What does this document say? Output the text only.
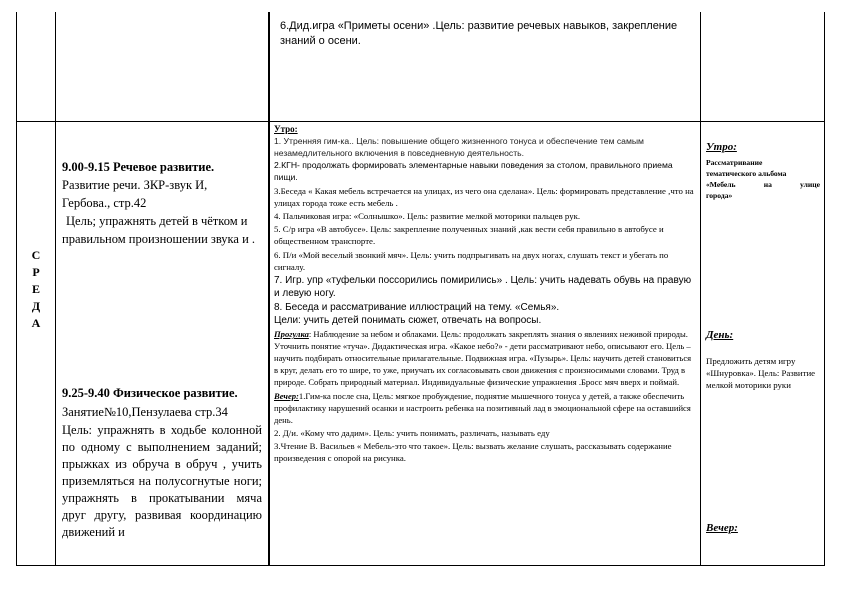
6.Дид.игра «Приметы осени» .Цель: развитие речевых навыков, закрепление знаний о осени.
С
Р
Е
Д
А
9.00-9.15 Речевое развитие.
Развитие речи. ЗКР-звук И,
Гербова., стр.42
Цель; упражнять детей в чётком и правильном произношении звука и .
9.25-9.40 Физическое развитие.
Занятие№10,Пензулаева стр.34
Цель: упражнять в ходьбе колонной по одному с выполнением заданий; прыжках из обруча в обруч , учить приземляться на полусогнутые ноги; упражнять в прокатывании мяча друг другу, развивая координацию движений и
Утро:
1. Утренняя гим-ка.. Цель: повышение общего жизненного тонуса и обеспечение тем самым незамедлительного включения в повседневную деятельность.
2.КГН- продолжать формировать элементарные навыки поведения за столом, правильного приема пищи.
3.Беседа « Какая мебель встречается на улицах, из чего она сделана». Цель: формировать представление ,что на улицах города тоже есть мебель .
4. Пальчиковая игра: «Солнышко». Цель: развитие мелкой моторики пальцев рук.
5. С/р игра «В автобусе». Цель: закрепление полученных знаний ,как вести себя правильно в автобусе и общественном транспорте.
6. П/и «Мой веселый звонкий мяч». Цель: учить подпрыгивать на двух ногах, слушать текст и убегать по сигналу.
7. Игр. упр «туфельки поссорились помирились» . Цель: учить надевать обувь на правую и левую ногу.
8. Беседа и рассматривание иллюстраций на тему. «Семья».
Цели: учить детей понимать сюжет, отвечать на вопросы.
Прогулка: Наблюдение за небом и облаками. Цель: продолжать закреплять знания о явлениях неживой природы. Уточнить понятие «туча». Дидактическая игра. «Какое небо?» - дети рассматривают небо, описывают его. Цель – научить подбирать относительные прилагательные. Подвижная игра. «Пузырь». Цель: научить детей становиться в круг, делать его то шире, то уже, приучать их согласовывать свои движения с произносимыми словами. Труд в природе. Собрать природный материал. Индивидуальные физические упражнения .Бросс мяч вверх и поймай.
Вечер:1.Гим-ка после сна, Цель: мягкое пробуждение, поднятие мышечного тонуса у детей, а также обеспечить профилактику нарушений осанки и настроить ребенка на позитивный лад в эмоциональной сфере на оставшийся день.
2. Д/и. «Кому что дадим». Цель: учить понимать, различать, называть еду
3.Чтение В. Васильев « Мебель-это что такое». Цель: вызвать желание слушать, рассказывать содержание произведения с опорой на рисунка.
Утро:
Рассматривание
тематического альбома
«Мебель на улице
города»
День:
Предложить детям игру «Шнуровка». Цель: Развитие мелкой моторики руки
Вечер:
